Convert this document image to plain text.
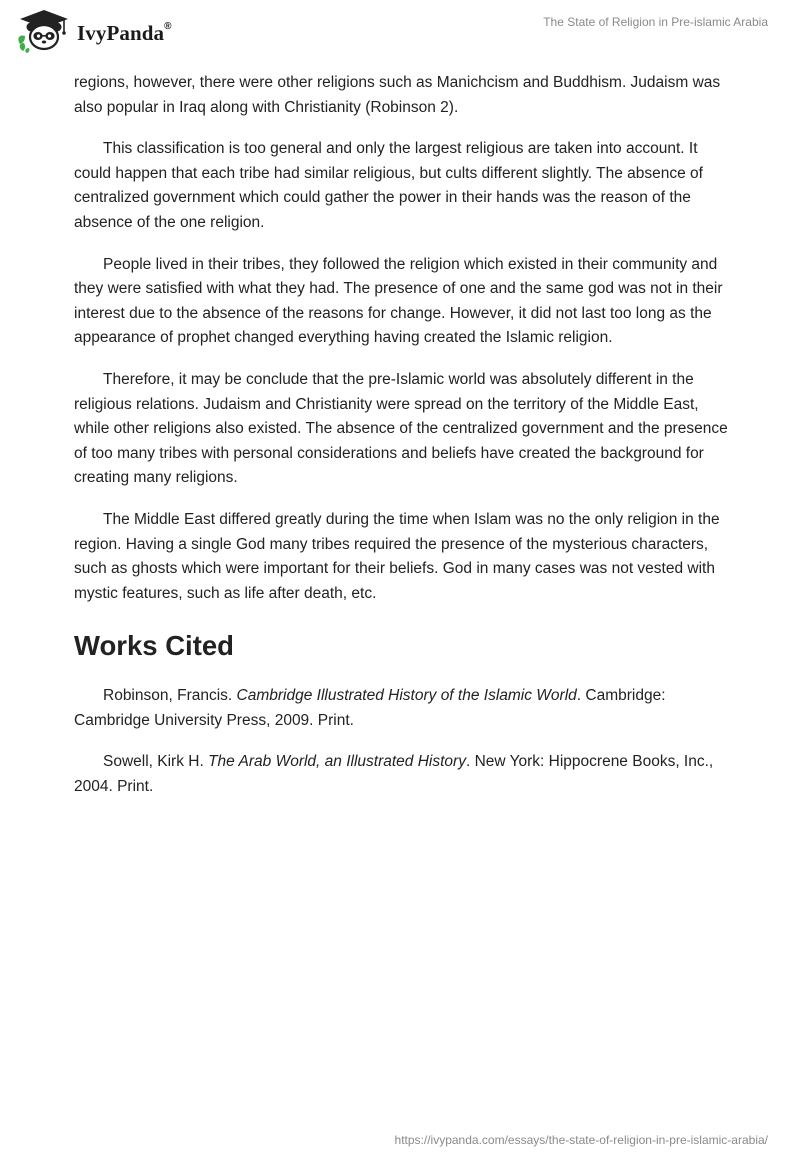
IvyPanda®	The State of Religion in Pre-islamic Arabia

regions, however, there were other religions such as Manichcism and Buddhism. Judaism was also popular in Iraq along with Christianity (Robinson 2).

This classification is too general and only the largest religious are taken into account. It could happen that each tribe had similar religious, but cults different slightly. The absence of centralized government which could gather the power in their hands was the reason of the absence of the one religion.

People lived in their tribes, they followed the religion which existed in their community and they were satisfied with what they had. The presence of one and the same god was not in their interest due to the absence of the reasons for change. However, it did not last too long as the appearance of prophet changed everything having created the Islamic religion.

Therefore, it may be conclude that the pre-Islamic world was absolutely different in the religious relations. Judaism and Christianity were spread on the territory of the Middle East, while other religions also existed. The absence of the centralized government and the presence of too many tribes with personal considerations and beliefs have created the background for creating many religions.

The Middle East differed greatly during the time when Islam was no the only religion in the region. Having a single God many tribes required the presence of the mysterious characters, such as ghosts which were important for their beliefs. God in many cases was not vested with mystic features, such as life after death, etc.

Works Cited

Robinson, Francis. Cambridge Illustrated History of the Islamic World. Cambridge: Cambridge University Press, 2009. Print.

Sowell, Kirk H. The Arab World, an Illustrated History. New York: Hippocrene Books, Inc., 2004. Print.

https://ivypanda.com/essays/the-state-of-religion-in-pre-islamic-arabia/
